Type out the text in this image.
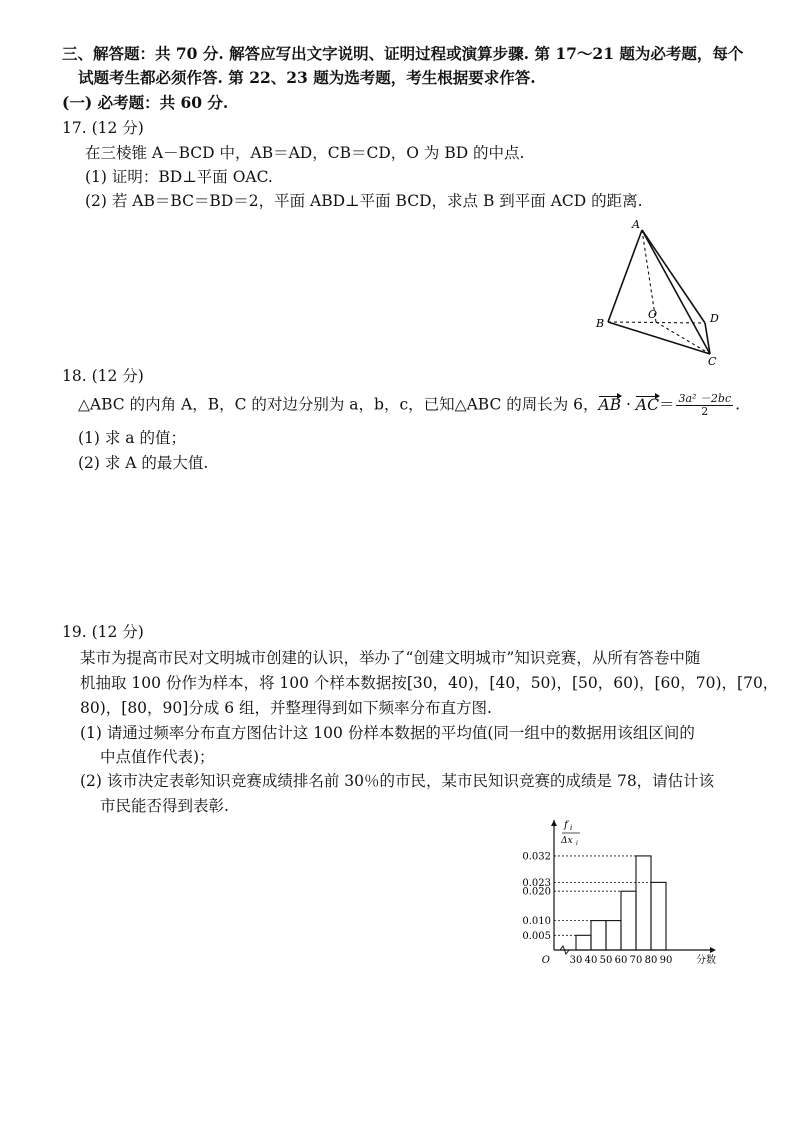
三、解答题：共 70 分. 解答应写出文字说明、证明过程或演算步骤. 第 17～21 题为必考题，每个
试题考生都必须作答. 第 22、23 题为选考题，考生根据要求作答.
(一) 必考题：共 60 分.
17. (12 分)
在三棱锥 A－BCD 中，AB＝AD，CB＝CD，O 为 BD 的中点.
(1) 证明：BD⊥平面 OAC.
(2) 若 AB＝BC＝BD＝2，平面 ABD⊥平面 BCD，求点 B 到平面 ACD 的距离.
A
B
C
D
O
18. (12 分)
△ABC 的内角 A，B，C 的对边分别为 a，b，c，已知△ABC 的周长为 6，AB · $AC= \frac{\text{3a² －2bc}}{2}$ .
(1) 求 a 的值；
(2) 求 A 的最大值.
19. (12 分)
某市为提高市民对文明城市创建的认识，举办了“创建文明城市”知识竞赛，从所有答卷中随
机抽取 100 份作为样本，将 100 个样本数据按[30，40)，[40，50)，[50，60)，[60，70)，[70，
80)，[80，90]分成 6 组，并整理得到如下频率分布直方图.
(1) 请通过频率分布直方图估计这 100 份样本数据的平均值(同一组中的数据用该组区间的
中点值作代表)；
(2) 该市决定表彰知识竞赛成绩排名前 30％的市民，某市民知识竞赛的成绩是 78，请估计该
市民能否得到表彰.
f i
Δx i
0.005
0.010
0.020
0.023
0.032
O 30 40 50 60 70 80 90 分数
